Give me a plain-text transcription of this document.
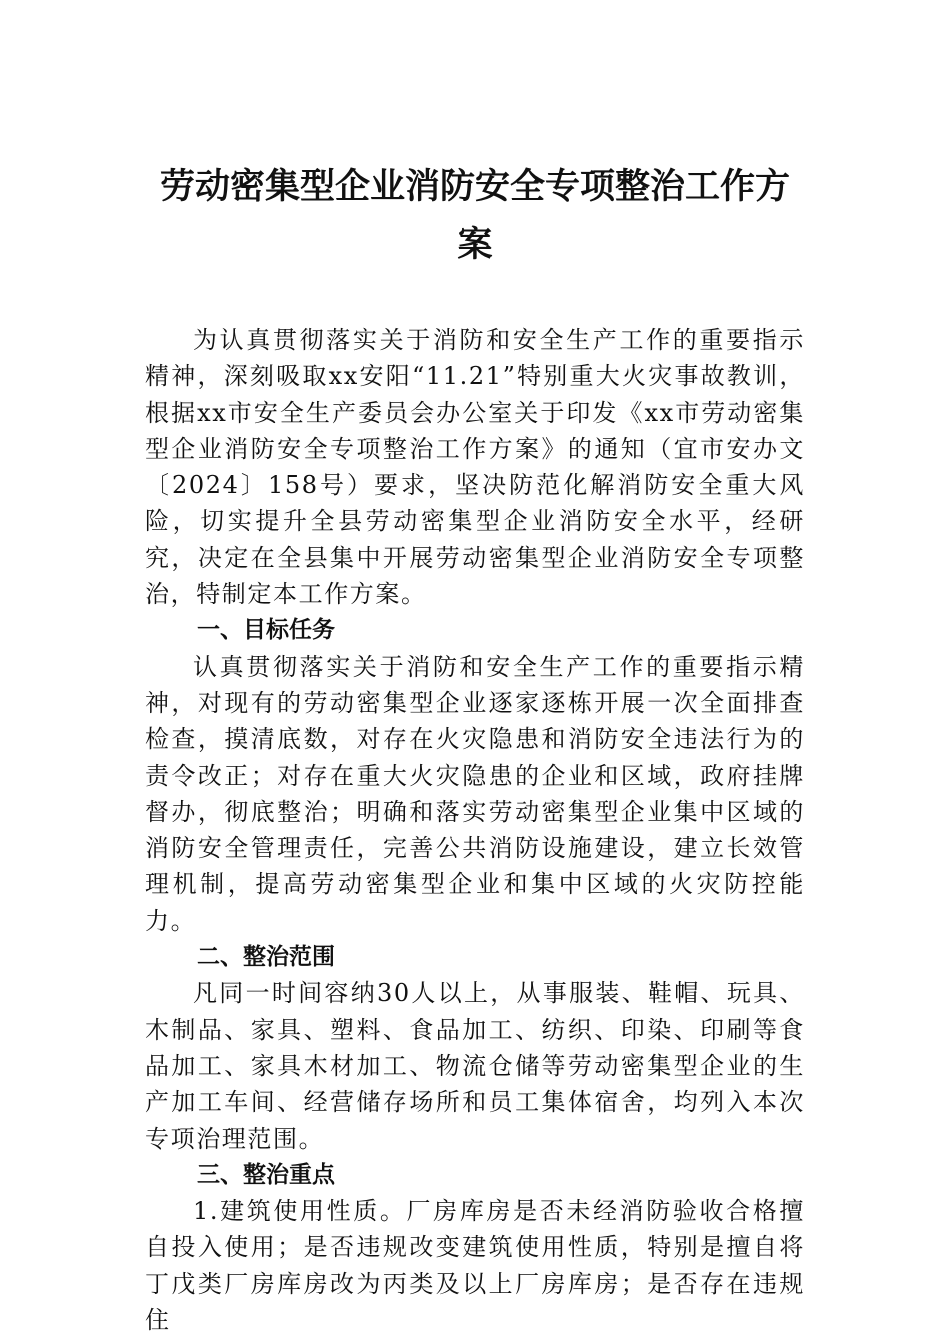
劳动密集型企业消防安全专项整治工作方
案

为认真贯彻落实关于消防和安全生产工作的重要指示精神，深刻吸取xx安阳“11.21”特别重大火灾事故教训，根据xx市安全生产委员会办公室关于印发《xx市劳动密集型企业消防安全专项整治工作方案》的通知（宜市安办文〔2024〕158号）要求，坚决防范化解消防安全重大风险，切实提升全县劳动密集型企业消防安全水平，经研究，决定在全县集中开展劳动密集型企业消防安全专项整治，特制定本工作方案。

一、目标任务

认真贯彻落实关于消防和安全生产工作的重要指示精神，对现有的劳动密集型企业逐家逐栋开展一次全面排查检查，摸清底数，对存在火灾隐患和消防安全违法行为的责令改正；对存在重大火灾隐患的企业和区域，政府挂牌督办，彻底整治；明确和落实劳动密集型企业集中区域的消防安全管理责任，完善公共消防设施建设，建立长效管理机制，提高劳动密集型企业和集中区域的火灾防控能力。

二、整治范围

凡同一时间容纳30人以上，从事服装、鞋帽、玩具、木制品、家具、塑料、食品加工、纺织、印染、印刷等食品加工、家具木材加工、物流仓储等劳动密集型企业的生产加工车间、经营储存场所和员工集体宿舍，均列入本次专项治理范围。

三、整治重点

1.建筑使用性质。厂房库房是否未经消防验收合格擅自投入使用；是否违规改变建筑使用性质，特别是擅自将丁戊类厂房库房改为丙类及以上厂房库房；是否存在违规住
